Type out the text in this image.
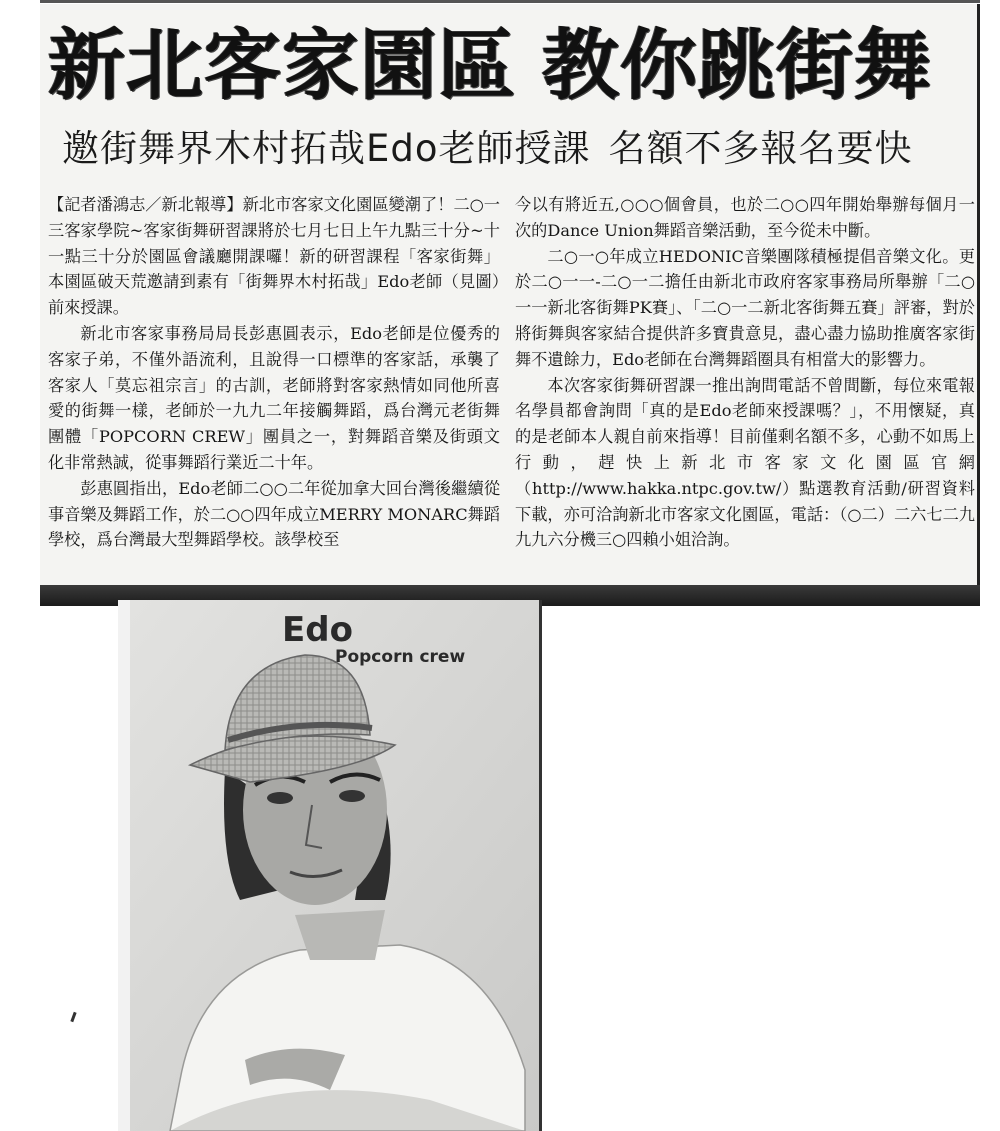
新北客家園區 教你跳街舞
邀街舞界木村拓哉Edo老師授課 名額不多報名要快

【記者潘鴻志／新北報導】新北市客家文化園區變潮了！二○一三客家學院~客家街舞研習課將於七月七日上午九點三十分~十一點三十分於園區會議廳開課囉！新的研習課程「客家街舞」本園區破天荒邀請到素有「街舞界木村拓哉」Edo老師（見圖）前來授課。

新北市客家事務局局長彭惠圓表示，Edo老師是位優秀的客家子弟，不僅外語流利，且說得一口標準的客家話，承襲了客家人「莫忘祖宗言」的古訓，老師將對客家熱情如同他所喜愛的街舞一樣，老師於一九九二年接觸舞蹈，爲台灣元老街舞團體「POPCORN CREW」團員之一，對舞蹈音樂及街頭文化非常熱誠，從事舞蹈行業近二十年。

彭惠圓指出，Edo老師二○○二年從加拿大回台灣後繼續從事音樂及舞蹈工作，於二○○四年成立MERRY MONARC舞蹈學校，爲台灣最大型舞蹈學校。該學校至

今以有將近五,○○○個會員，也於二○○四年開始舉辦每個月一次的Dance Union舞蹈音樂活動，至今從未中斷。

二○一○年成立HEDONIC音樂團隊積極提倡音樂文化。更於二○一一-二○一二擔任由新北市政府客家事務局所舉辦「二○一一新北客街舞PK賽」、「二○一二新北客街舞五賽」評審，對於將街舞與客家結合提供許多寶貴意見，盡心盡力協助推廣客家街舞不遺餘力，Edo老師在台灣舞蹈圈具有相當大的影響力。

本次客家街舞研習課一推出詢問電話不曾間斷，每位來電報名學員都會詢問「真的是Edo老師來授課嗎？」，不用懷疑，真的是老師本人親自前來指導！目前僅剩名額不多，心動不如馬上行動，趕快上新北市客家文化園區官網（http://www.hakka.ntpc.gov.tw/）點選教育活動/研習資料下載，亦可洽詢新北市客家文化園區，電話：（○二）二六七二九九九六分機三○四賴小姐洽詢。

Edo
Popcorn crew
